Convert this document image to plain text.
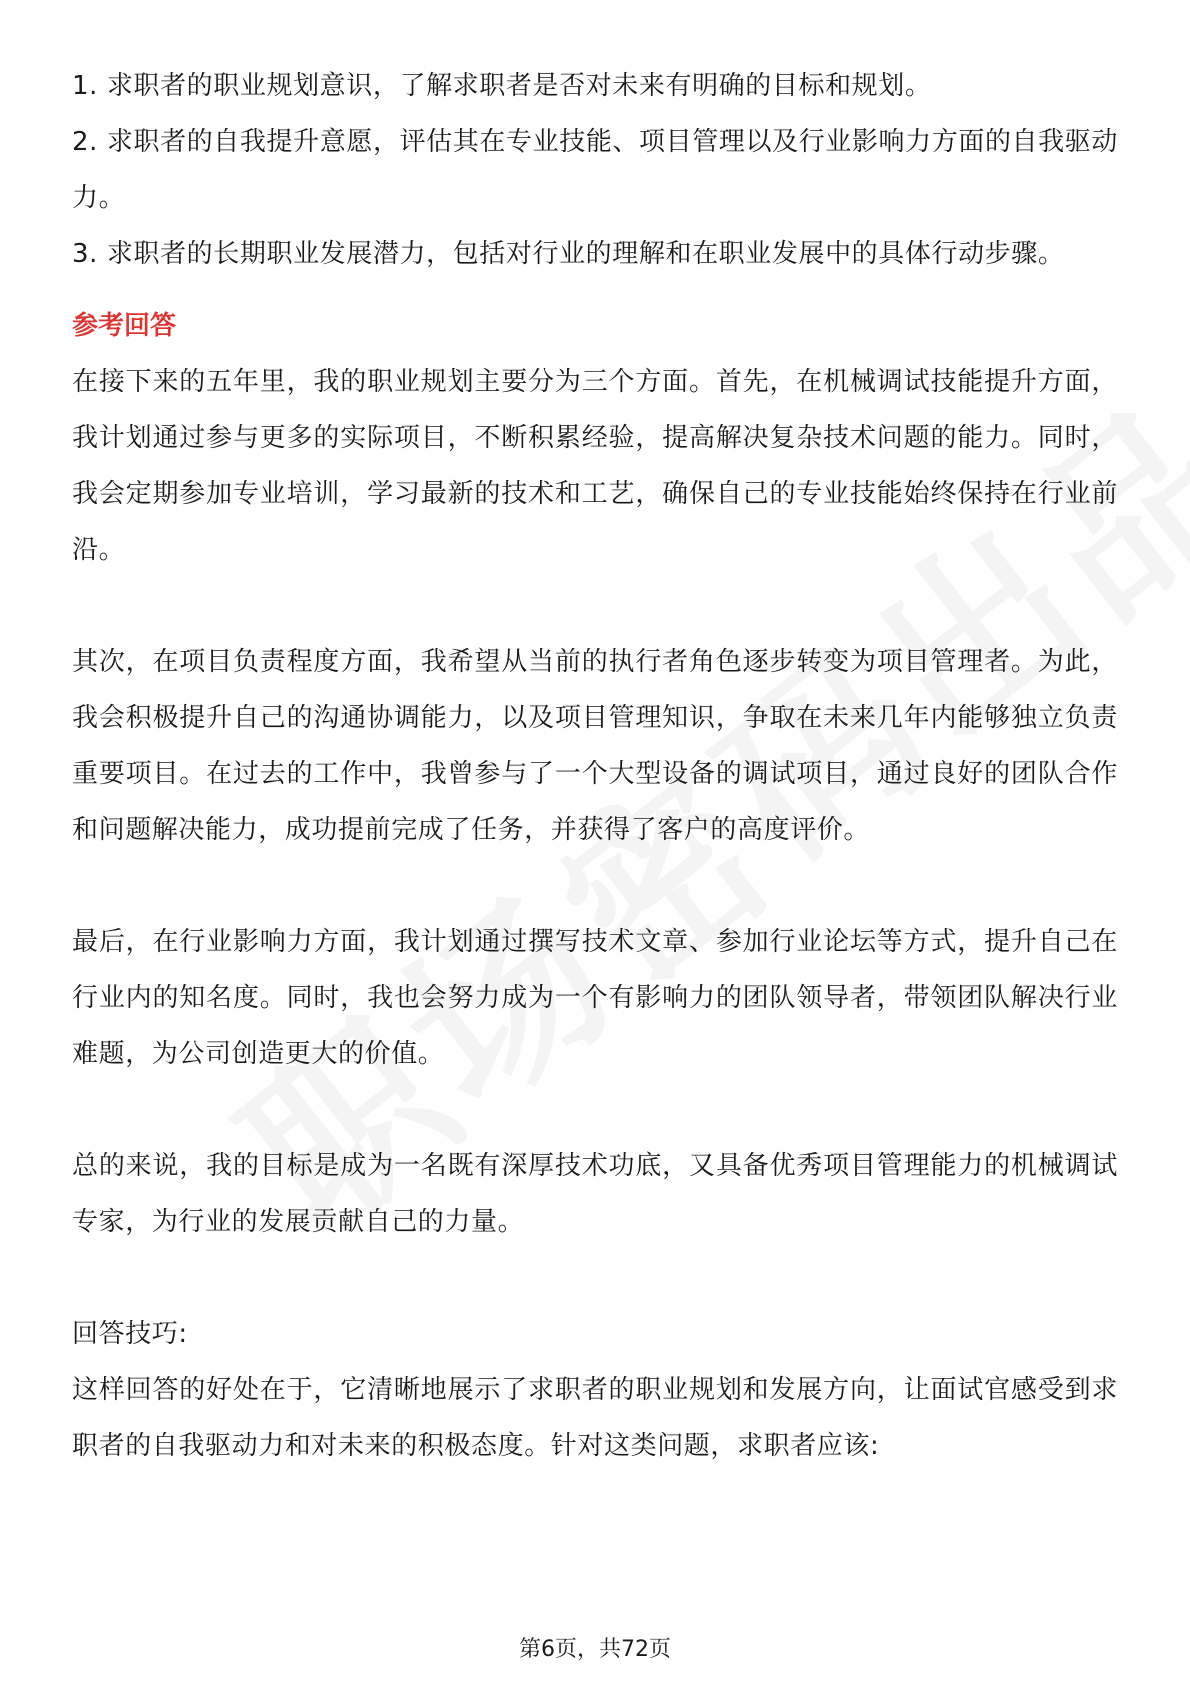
1. 求职者的职业规划意识，了解求职者是否对未来有明确的目标和规划。

2. 求职者的自我提升意愿，评估其在专业技能、项目管理以及行业影响力方面的自我驱动力。

3. 求职者的长期职业发展潜力，包括对行业的理解和在职业发展中的具体行动步骤。

参考回答

在接下来的五年里，我的职业规划主要分为三个方面。首先，在机械调试技能提升方面，我计划通过参与更多的实际项目，不断积累经验，提高解决复杂技术问题的能力。同时，我会定期参加专业培训，学习最新的技术和工艺，确保自己的专业技能始终保持在行业前沿。

其次，在项目负责程度方面，我希望从当前的执行者角色逐步转变为项目管理者。为此，我会积极提升自己的沟通协调能力，以及项目管理知识，争取在未来几年内能够独立负责重要项目。在过去的工作中，我曾参与了一个大型设备的调试项目，通过良好的团队合作和问题解决能力，成功提前完成了任务，并获得了客户的高度评价。

最后，在行业影响力方面，我计划通过撰写技术文章、参加行业论坛等方式，提升自己在行业内的知名度。同时，我也会努力成为一个有影响力的团队领导者，带领团队解决行业难题，为公司创造更大的价值。

总的来说，我的目标是成为一名既有深厚技术功底，又具备优秀项目管理能力的机械调试专家，为行业的发展贡献自己的力量。

回答技巧:

这样回答的好处在于，它清晰地展示了求职者的职业规划和发展方向，让面试官感受到求职者的自我驱动力和对未来的积极态度。针对这类问题，求职者应该:

第6页，共72页
